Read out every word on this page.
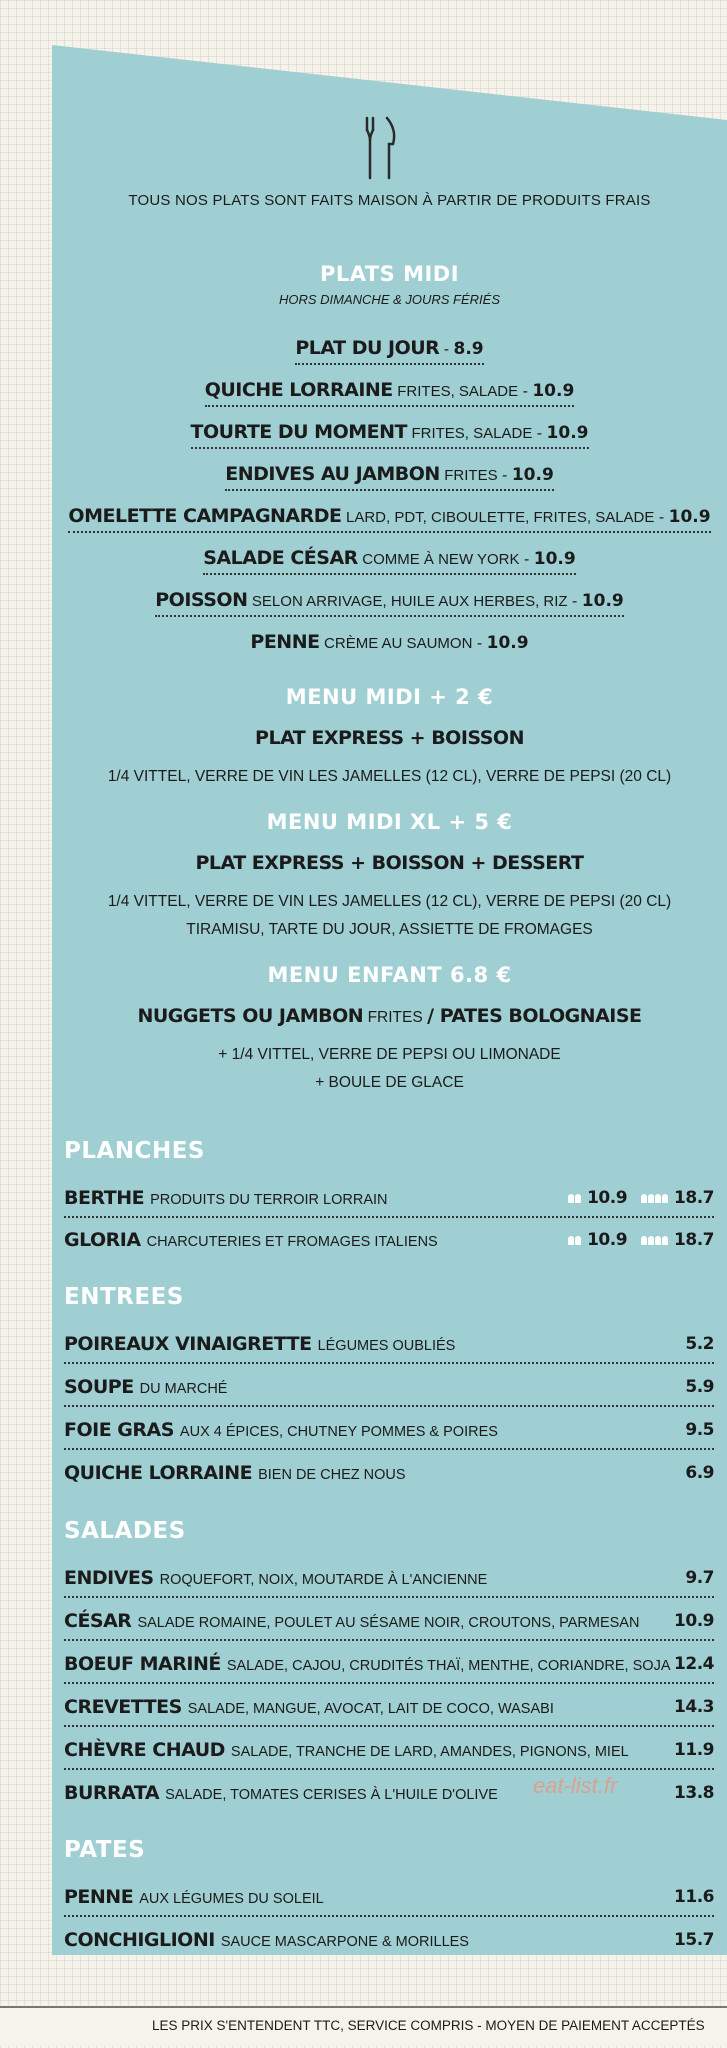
TOUS NOS PLATS SONT FAITS MAISON À PARTIR DE PRODUITS FRAIS
PLATS MIDI
HORS DIMANCHE & JOURS FÉRIÉS
PLAT DU JOUR - 8.9
QUICHE LORRAINE FRITES, SALADE - 10.9
TOURTE DU MOMENT FRITES, SALADE - 10.9
ENDIVES AU JAMBON FRITES - 10.9
OMELETTE CAMPAGNARDE LARD, PDT, CIBOULETTE, FRITES, SALADE - 10.9
SALADE CÉSAR COMME À NEW YORK - 10.9
POISSON SELON ARRIVAGE, HUILE AUX HERBES, RIZ - 10.9
PENNE CRÈME AU SAUMON - 10.9
MENU MIDI + 2 €
PLAT EXPRESS + BOISSON
1/4 VITTEL, VERRE DE VIN LES JAMELLES (12 CL), VERRE DE PEPSI (20 CL)
MENU MIDI XL + 5 €
PLAT EXPRESS + BOISSON + DESSERT
1/4 VITTEL, VERRE DE VIN LES JAMELLES (12 CL), VERRE DE PEPSI (20 CL)
TIRAMISU, TARTE DU JOUR, ASSIETTE DE FROMAGES
MENU ENFANT 6.8 €
NUGGETS OU JAMBON FRITES / PATES BOLOGNAISE
+ 1/4 VITTEL, VERRE DE PEPSI OU LIMONADE
+ BOULE DE GLACE
PLANCHES
BERTHE PRODUITS DU TERROIR LORRAIN	10.9	18.7
GLORIA CHARCUTERIES ET FROMAGES ITALIENS	10.9	18.7
ENTREES
POIREAUX VINAIGRETTE LÉGUMES OUBLIÉS	5.2
SOUPE DU MARCHÉ	5.9
FOIE GRAS AUX 4 ÉPICES, CHUTNEY POMMES & POIRES	9.5
QUICHE LORRAINE BIEN DE CHEZ NOUS	6.9
SALADES
ENDIVES ROQUEFORT, NOIX, MOUTARDE À L'ANCIENNE	9.7
CÉSAR SALADE ROMAINE, POULET AU SÉSAME NOIR, CROUTONS, PARMESAN 10.9
BOEUF MARINÉ SALADE, CAJOU, CRUDITÉS THAÏ, MENTHE, CORIANDRE, SOJA 12.4
CREVETTES SALADE, MANGUE, AVOCAT, LAIT DE COCO, WASABI	14.3
CHÈVRE CHAUD SALADE, TRANCHE DE LARD, AMANDES, PIGNONS, MIEL	11.9
BURRATA SALADE, TOMATES CERISES À L'HUILE D'OLIVE	13.8
eat-list.fr
PATES
PENNE AUX LÉGUMES DU SOLEIL	11.6
CONCHIGLIONI SAUCE MASCARPONE & MORILLES	15.7
LES PRIX S'ENTENDENT TTC, SERVICE COMPRIS - MOYEN DE PAIEMENT ACCEPTÉS
